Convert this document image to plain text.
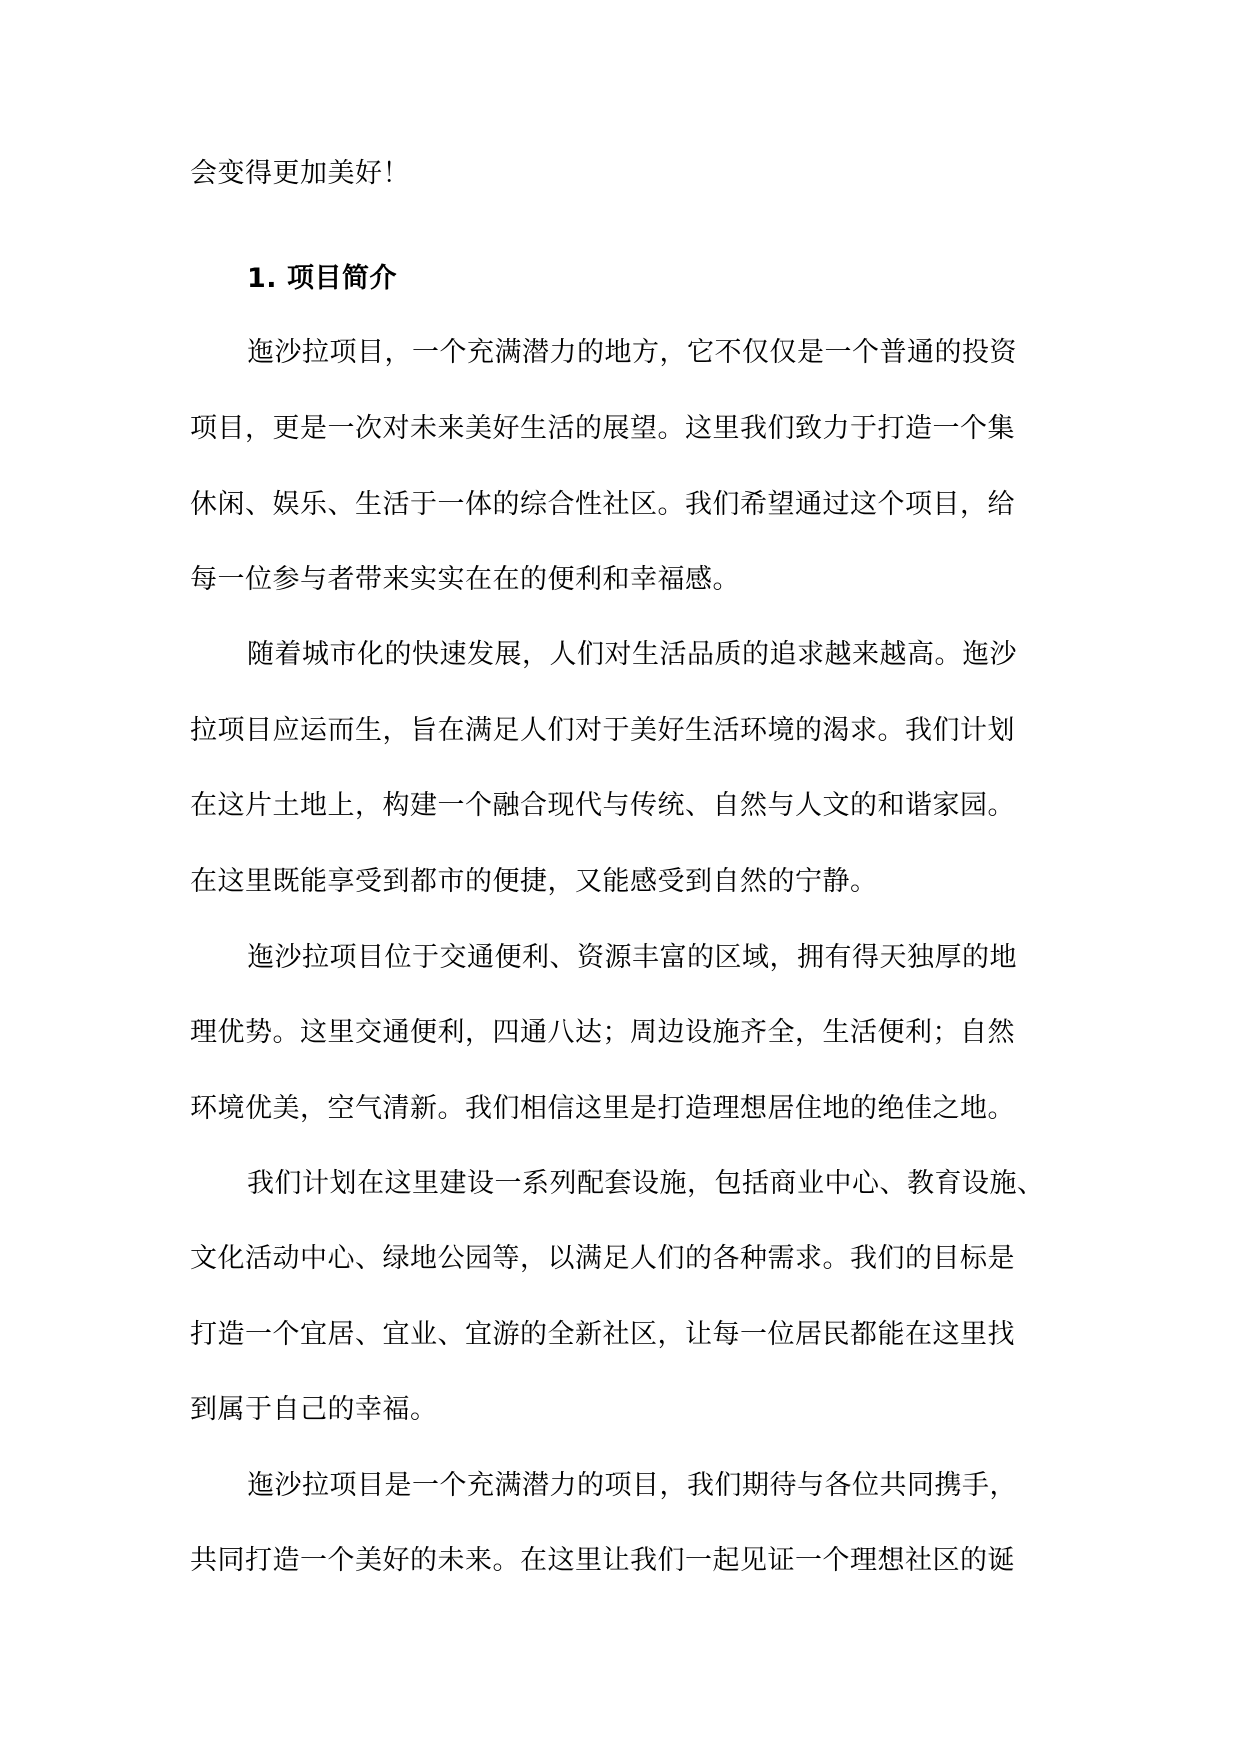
会变得更加美好！
1. 项目简介
迤沙拉项目，一个充满潜力的地方，它不仅仅是一个普通的投资
项目，更是一次对未来美好生活的展望。这里我们致力于打造一个集
休闲、娱乐、生活于一体的综合性社区。我们希望通过这个项目，给
每一位参与者带来实实在在的便利和幸福感。
随着城市化的快速发展，人们对生活品质的追求越来越高。迤沙
拉项目应运而生，旨在满足人们对于美好生活环境的渴求。我们计划
在这片土地上，构建一个融合现代与传统、自然与人文的和谐家园。
在这里既能享受到都市的便捷，又能感受到自然的宁静。
迤沙拉项目位于交通便利、资源丰富的区域，拥有得天独厚的地
理优势。这里交通便利，四通八达；周边设施齐全，生活便利；自然
环境优美，空气清新。我们相信这里是打造理想居住地的绝佳之地。
我们计划在这里建设一系列配套设施，包括商业中心、教育设施、
文化活动中心、绿地公园等，以满足人们的各种需求。我们的目标是
打造一个宜居、宜业、宜游的全新社区，让每一位居民都能在这里找
到属于自己的幸福。
迤沙拉项目是一个充满潜力的项目，我们期待与各位共同携手，
共同打造一个美好的未来。在这里让我们一起见证一个理想社区的诞
